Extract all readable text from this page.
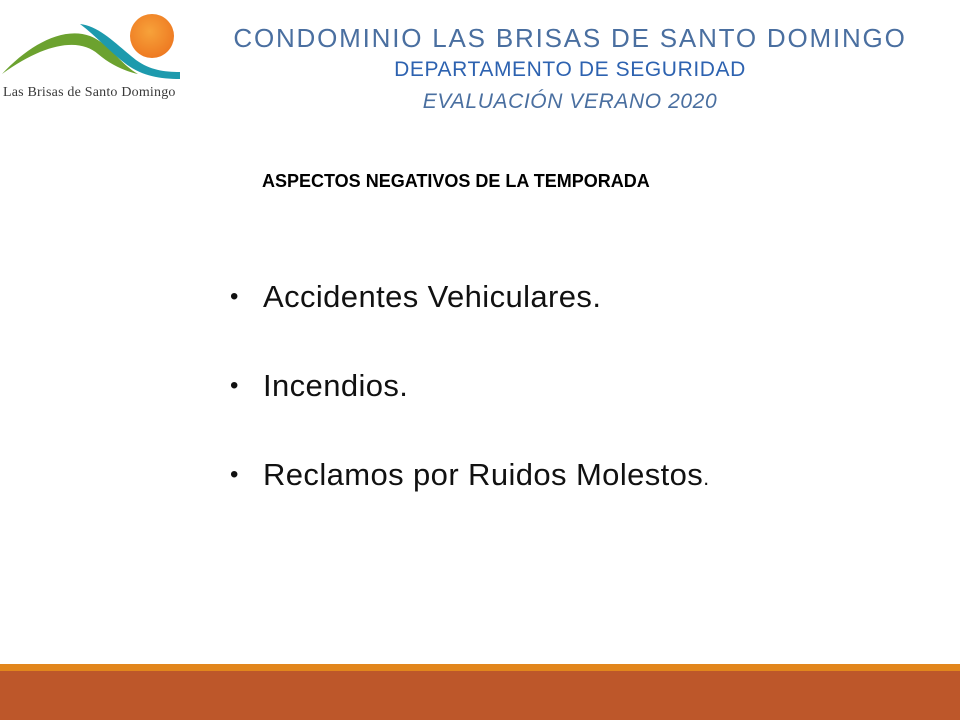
Las Brisas de Santo Domingo
CONDOMINIO LAS BRISAS DE SANTO DOMINGO
DEPARTAMENTO DE SEGURIDAD
EVALUACIÓN VERANO 2020
ASPECTOS NEGATIVOS DE LA TEMPORADA
• Accidentes Vehiculares.
• Incendios.
• Reclamos por Ruidos Molestos.
